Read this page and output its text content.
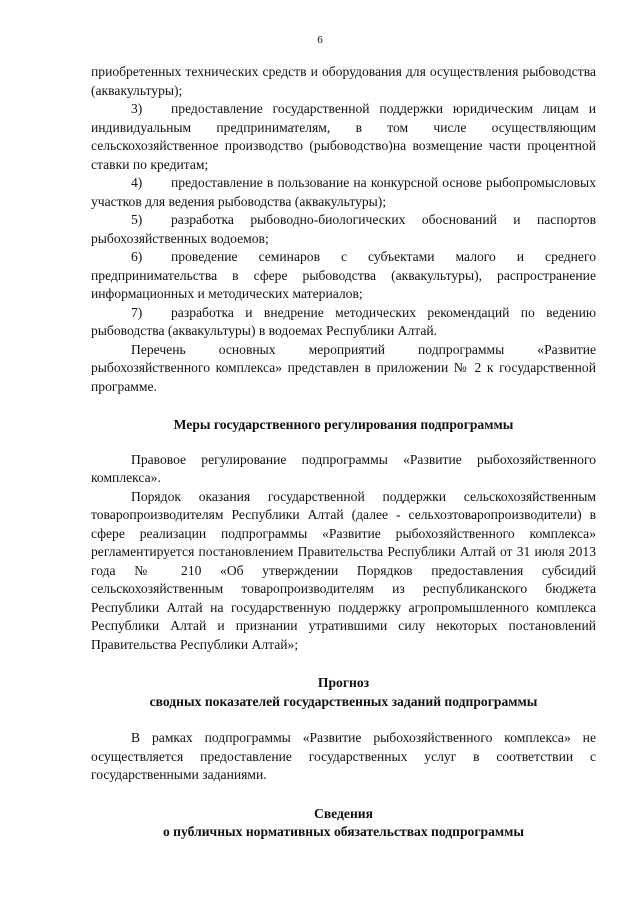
6

приобретенных технических средств и оборудования для осуществления рыбоводства (аквакультуры);

3) предоставление государственной поддержки юридическим лицам и индивидуальным предпринимателям, в том числе осуществляющим сельскохозяйственное производство (рыбоводство)на возмещение части процентной ставки по кредитам;

4) предоставление в пользование на конкурсной основе рыбопромысловых участков для ведения рыбоводства (аквакультуры);

5) разработка рыбоводно-биологических обоснований и паспортов рыбохозяйственных водоемов;

6) проведение семинаров с субъектами малого и среднего предпринимательства в сфере рыбоводства (аквакультуры), распространение информационных и методических материалов;

7) разработка и внедрение методических рекомендаций по ведению рыбоводства (аквакультуры) в водоемах Республики Алтай.

Перечень основных мероприятий подпрограммы «Развитие рыбохозяйственного комплекса» представлен в приложении № 2 к государственной программе.

Меры государственного регулирования подпрограммы

Правовое регулирование подпрограммы «Развитие рыбохозяйственного комплекса».

Порядок оказания государственной поддержки сельскохозяйственным товаропроизводителям Республики Алтай (далее - сельхозтоваропроизводители) в сфере реализации подпрограммы «Развитие рыбохозяйственного комплекса» регламентируется постановлением Правительства Республики Алтай от 31 июля 2013 года № 210 «Об утверждении Порядков предоставления субсидий сельскохозяйственным товаропроизводителям из республиканского бюджета Республики Алтай на государственную поддержку агропромышленного комплекса Республики Алтай и признании утратившими силу некоторых постановлений Правительства Республики Алтай»;

Прогноз

сводных показателей государственных заданий подпрограммы

В рамках подпрограммы «Развитие рыбохозяйственного комплекса» не осуществляется предоставление государственных услуг в соответствии с государственными заданиями.

Сведения

о публичных нормативных обязательствах подпрограммы
